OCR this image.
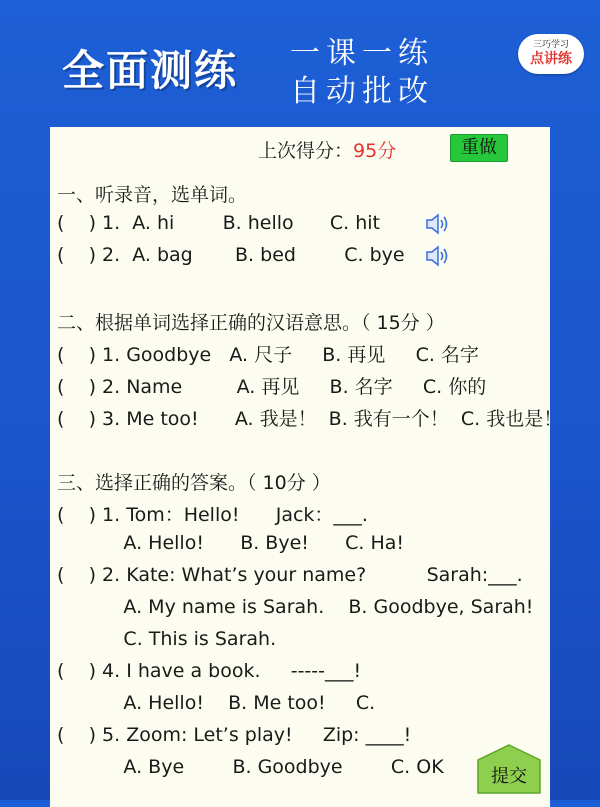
全面测练 一课一练
自动批改
三巧学习
点讲练
上次得分：95分	重做
一、听录音，选单词。
(    ) 1.  A. hi        B. hello      C. hit
(    ) 2.  A. bag       B. bed        C. bye
二、根据单词选择正确的汉语意思。（ 15分 ）
(    ) 1. Goodbye   A. 尺子     B. 再见     C. 名字
(    ) 2. Name         A. 再见     B. 名字     C. 你的
(    ) 3. Me too!      A. 我是！  B. 我有一个！  C. 我也是！
三、选择正确的答案。（ 10分 ）
(    ) 1. Tom：Hello!      Jack：___.
A. Hello!      B. Bye!      C. Ha!
(    ) 2. Kate: What’s your name?          Sarah:___.
A. My name is Sarah.    B. Goodbye, Sarah!
C. This is Sarah.
(    ) 4. I have a book.     -----___!
A. Hello!    B. Me too!     C.
(    ) 5. Zoom: Let’s play!     Zip: ____!
A. Bye        B. Goodbye        C. OK	提交
